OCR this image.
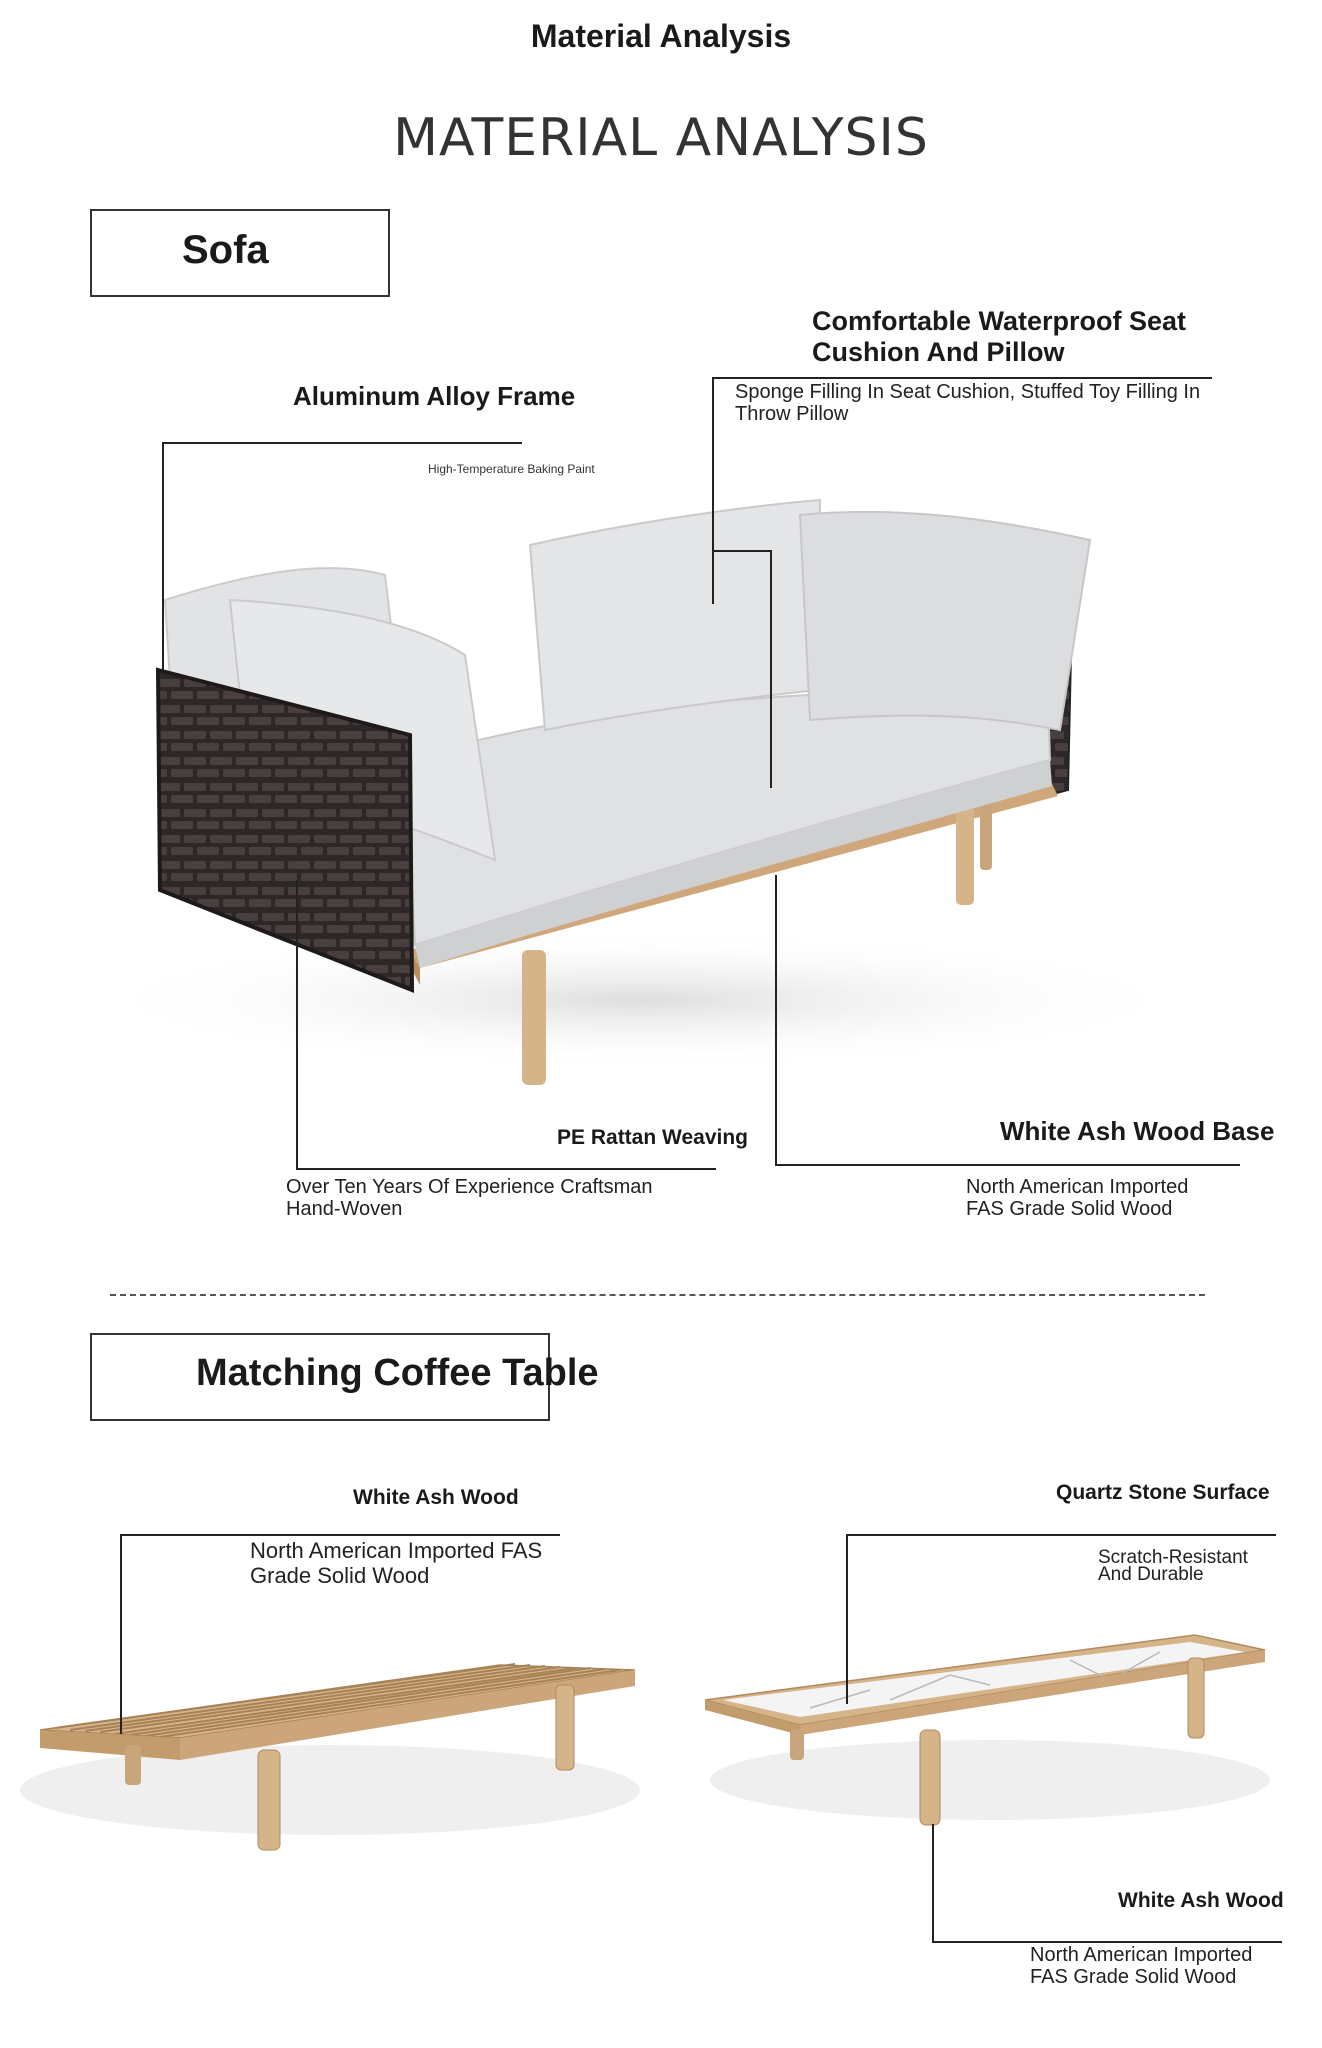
Material Analysis
MATERIAL ANALYSIS
Sofa
Aluminum Alloy Frame
High-Temperature Baking Paint
Comfortable Waterproof Seat
Cushion And Pillow
Sponge Filling In Seat Cushion, Stuffed Toy Filling In
Throw Pillow
PE Rattan Weaving
Over Ten Years Of Experience Craftsman
Hand-Woven
White Ash Wood Base
North American Imported
FAS Grade Solid Wood
Matching Coffee Table
White Ash Wood
North American Imported FAS
Grade Solid Wood
Quartz Stone Surface
Scratch-Resistant
And Durable
White Ash Wood
North American Imported
FAS Grade Solid Wood
